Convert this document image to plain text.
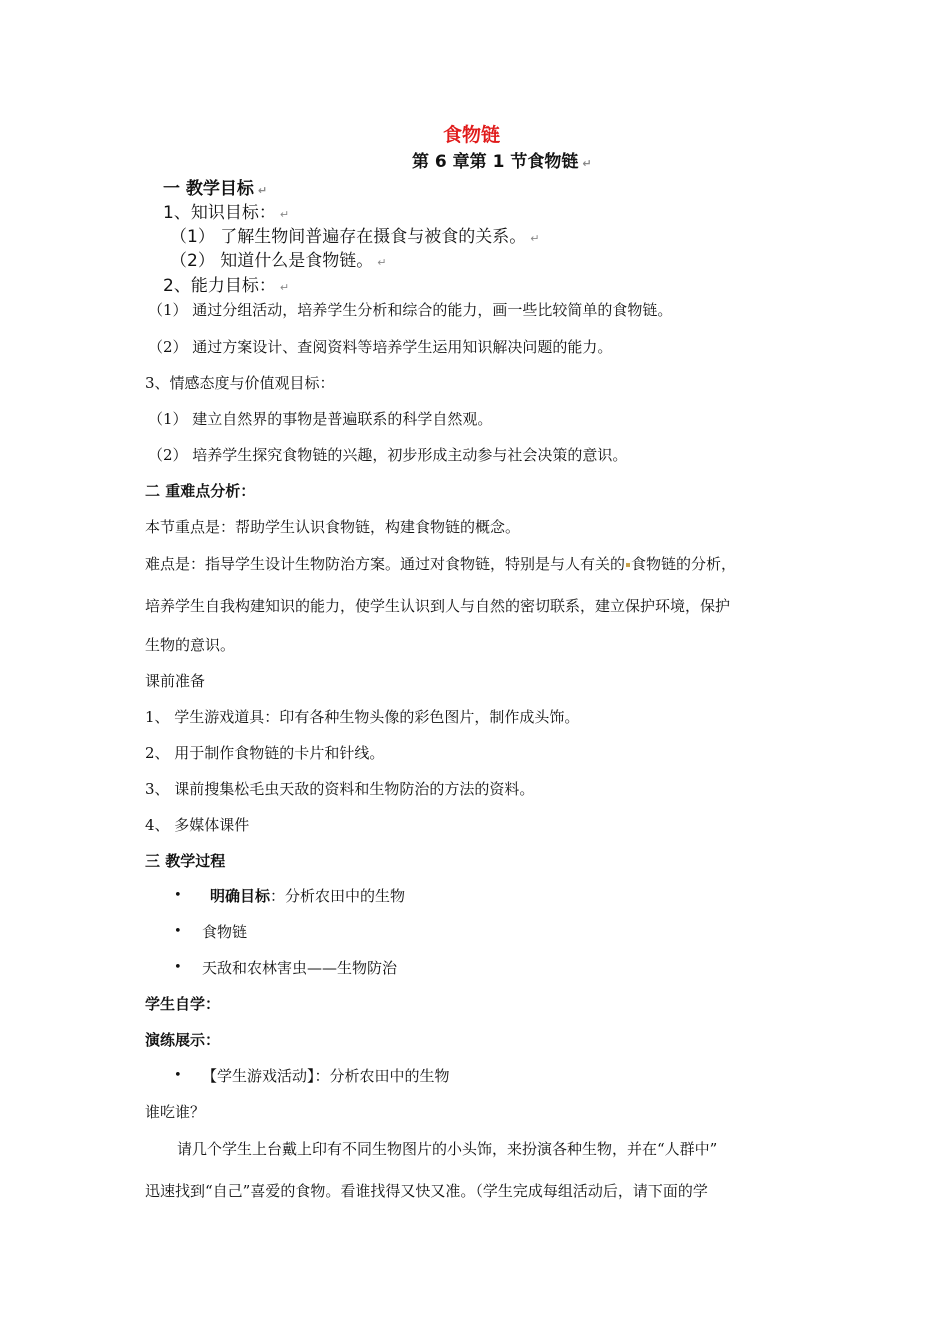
食物链
第 6 章第 1 节食物链 ↵
一 教学目标 ↵
1、知识目标： ↵
（1） 了解生物间普遍存在摄食与被食的关系。 ↵
（2） 知道什么是食物链。 ↵
2、能力目标： ↵
（1） 通过分组活动，培养学生分析和综合的能力，画一些比较简单的食物链。
（2） 通过方案设计、查阅资料等培养学生运用知识解决问题的能力。
3、情感态度与价值观目标：
（1） 建立自然界的事物是普遍联系的科学自然观。
（2） 培养学生探究食物链的兴趣，初步形成主动参与社会决策的意识。
二 重难点分析：
本节重点是：帮助学生认识食物链，构建食物链的概念。
难点是：指导学生设计生物防治方案。通过对食物链，特别是与人有关的 食物链的分析，
培养学生自我构建知识的能力，使学生认识到人与自然的密切联系，建立保护环境，保护
生物的意识。
课前准备
1、 学生游戏道具：印有各种生物头像的彩色图片，制作成头饰。
2、 用于制作食物链的卡片和针线。
3、 课前搜集松毛虫天敌的资料和生物防治的方法的资料。
4、 多媒体课件
三 教学过程
• 明确目标：分析农田中的生物
• 食物链
• 天敌和农林害虫——生物防治
学生自学：
演练展示：
• 【学生游戏活动】：分析农田中的生物
谁吃谁？
请几个学生上台戴上印有不同生物图片的小头饰，来扮演各种生物，并在“人群中”
迅速找到“自己”喜爱的食物。看谁找得又快又准。（学生完成每组活动后，请下面的学
